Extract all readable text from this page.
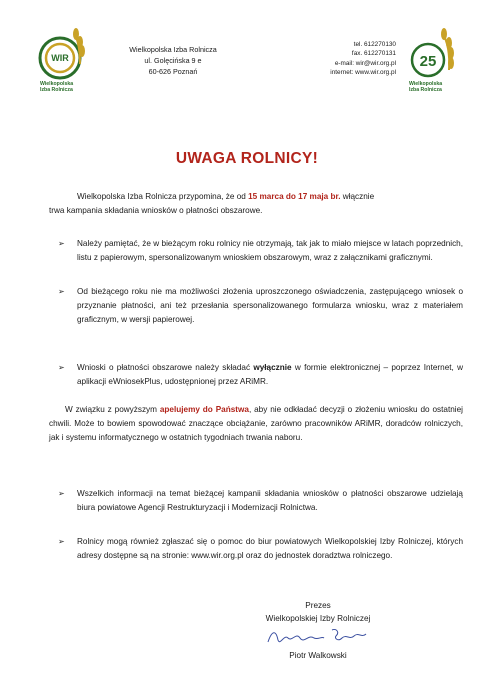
WIR
Wielkopolska
Izba Rolnicza
Wielkopolska Izba Rolnicza
ul. Golęcińska 9 e
60-626 Poznań
tel. 612270130
fax. 612270131
e-mail: wir@wir.org.pl
internet: www.wir.org.pl
25
Wielkopolska
Izba Rolnicza
UWAGA ROLNICY!
Wielkopolska Izba Rolnicza przypomina, że od 15 marca do 17 maja br. włącznie
trwa kampania składania wniosków o płatności obszarowe.
➢ Należy pamiętać, że w bieżącym roku rolnicy nie otrzymają, tak jak to miało miejsce w latach poprzednich, listu z papierowym, spersonalizowanym wnioskiem obszarowym, wraz z załącznikami graficznymi.
➢ Od bieżącego roku nie ma możliwości złożenia uproszczonego oświadczenia, zastępującego wniosek o przyznanie płatności, ani też przesłania spersonalizowanego formularza wniosku, wraz z materiałem graficznym, w wersji papierowej.
➢ Wnioski o płatności obszarowe należy składać wyłącznie w formie elektronicznej – poprzez Internet, w aplikacji eWniosekPlus, udostępnionej przez ARiMR.
W związku z powyższym apelujemy do Państwa, aby nie odkładać decyzji o złożeniu wniosku do ostatniej chwili. Może to bowiem spowodować znaczące obciążanie, zarówno pracowników ARiMR, doradców rolniczych, jak i systemu informatycznego w ostatnich tygodniach trwania naboru.
➢ Wszelkich informacji na temat bieżącej kampanii składania wniosków o płatności obszarowe udzielają biura powiatowe Agencji Restrukturyzacji i Modernizacji Rolnictwa.
➢ Rolnicy mogą również zgłaszać się o pomoc do biur powiatowych Wielkopolskiej Izby Rolniczej, których adresy dostępne są na stronie: www.wir.org.pl oraz do jednostek doradztwa rolniczego.
Prezes
Wielkopolskiej Izby Rolniczej
Piotr Walkowski
